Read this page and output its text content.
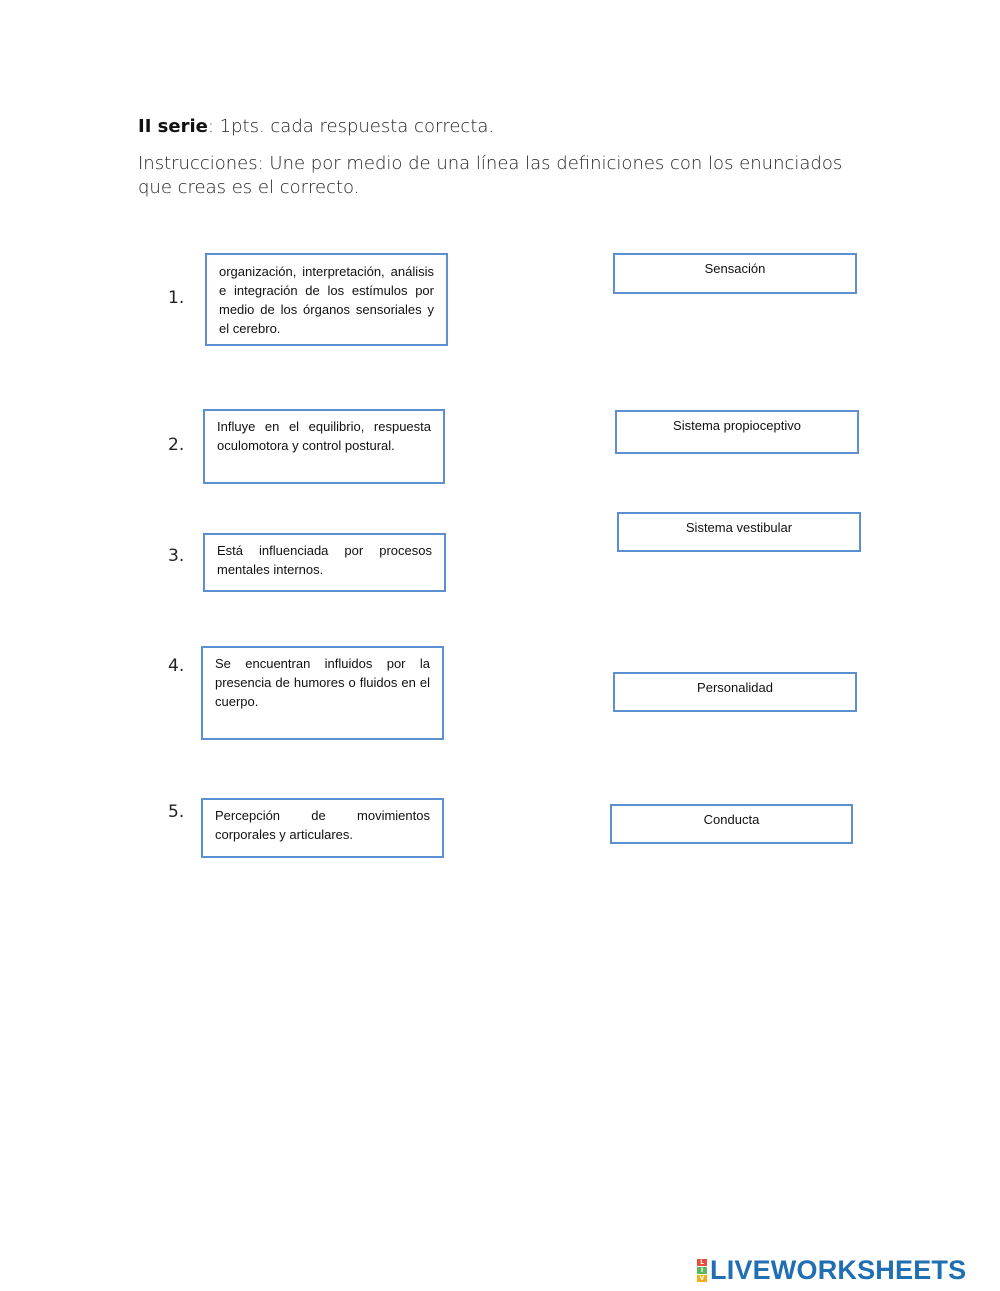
II serie: 1pts. cada respuesta correcta.
Instrucciones: Une por medio de una línea las definiciones con los enunciados que creas es el correcto.
1.
organización, interpretación, análisis e integración de los estímulos por medio de los órganos sensoriales y el cerebro.
2.
Influye en el equilibrio, respuesta oculomotora y control postural.
3.	Está influenciada por procesos mentales internos.
4.	Se encuentran influidos por la presencia de humores o fluidos en el cuerpo.
5.	Percepción de movimientos corporales y articulares.
Sensación
Sistema propioceptivo
Sistema vestibular
Personalidad
Conducta
L
I
V LIVEWORKSHEETS
